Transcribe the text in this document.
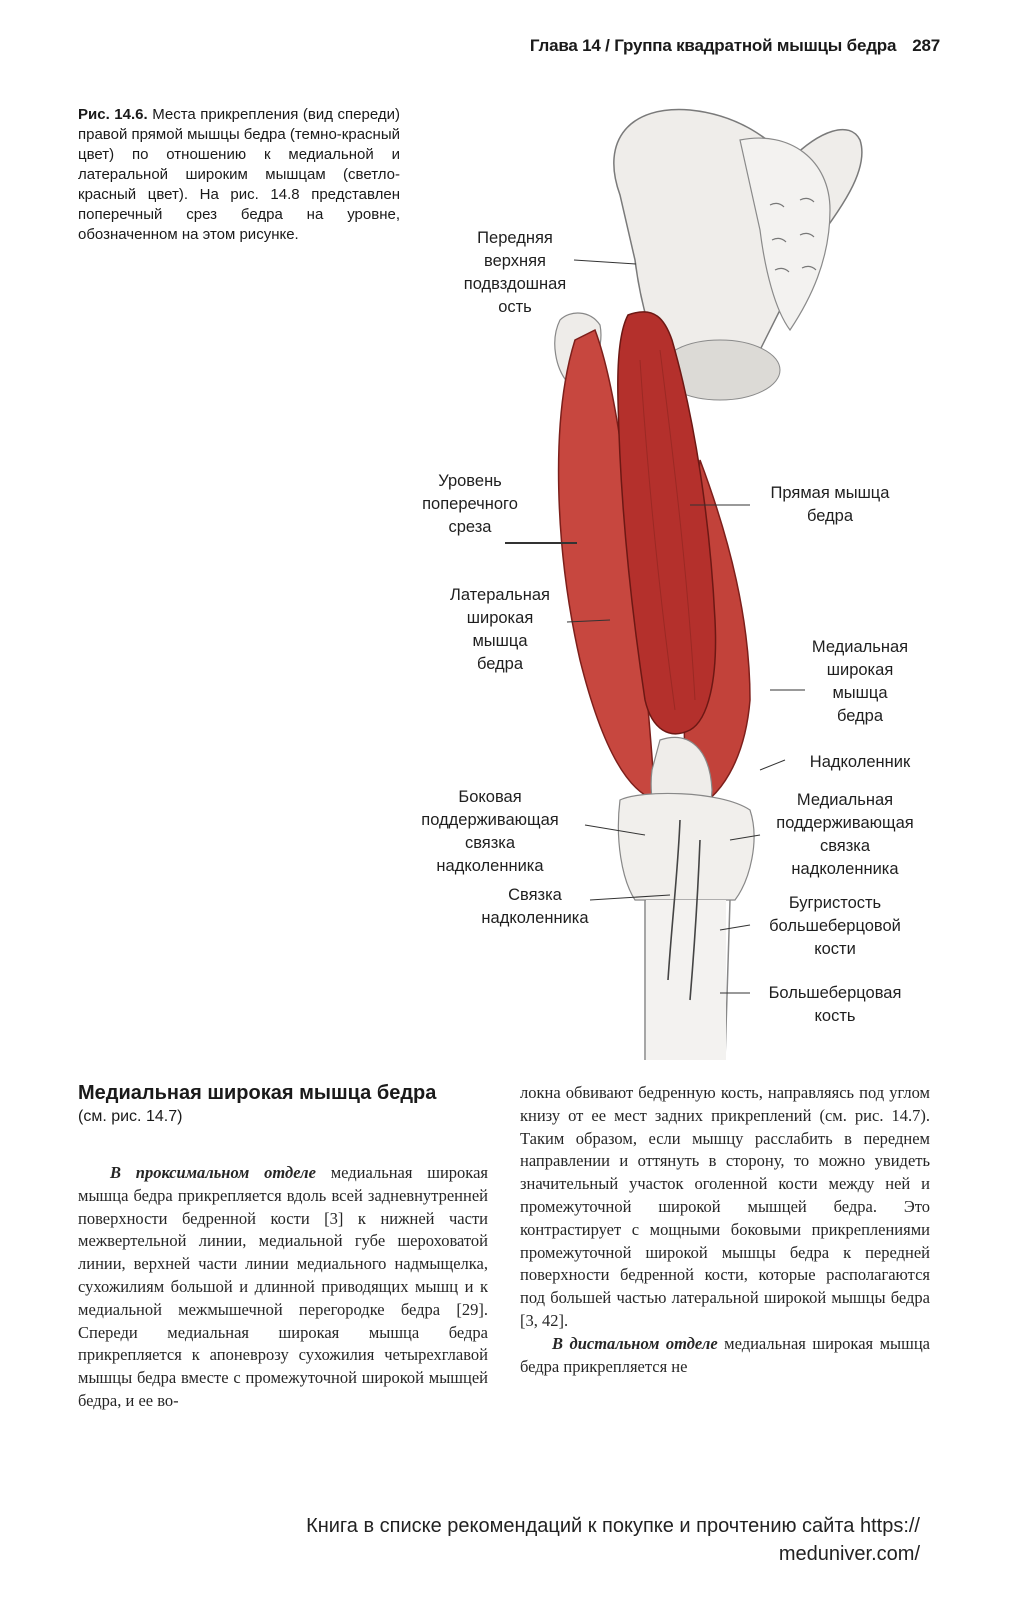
Глава 14 / Группа квадратной мышцы бедра 287
Рис. 14.6. Места прикрепления (вид спереди) правой прямой мышцы бедра (темно-красный цвет) по отношению к медиальной и латеральной широким мышцам (светло-красный цвет). На рис. 14.8 представлен поперечный срез бедра на уровне, обозначенном на этом рисунке.	Передняя
верхняя
подвздошная
ость
Уровень
поперечного
среза
Прямая мышца
бедра
Латеральная
широкая
мышца
бедра
Медиальная
широкая
мышца
бедра
Надколенник
Боковая
поддерживающая
связка
надколенника
Медиальная
поддерживающая
связка
надколенника
Связка
надколенника
Бугристость
большеберцовой
кости
Большеберцовая
кость
Медиальная широкая мышца бедра
(см. рис. 14.7)

В проксимальном отделе медиальная широкая мышца бедра прикрепляется вдоль всей задневнутренней поверхности бедренной кости [3] к нижней части межвертельной линии, медиальной губе шероховатой линии, верхней части линии медиального надмыщелка, сухожилиям большой и длинной приводящих мышц и к медиальной межмышечной перегородке бедра [29]. Спереди медиальная широкая мышца бедра прикрепляется к апоневрозу сухожилия четырехглавой мышцы бедра вместе с промежуточной широкой мышцей бедра, и ее во-

локна обвивают бедренную кость, направляясь под углом книзу от ее мест задних прикреплений (см. рис. 14.7). Таким образом, если мышцу расслабить в переднем направлении и оттянуть в сторону, то можно увидеть значительный участок оголенной кости между ней и промежуточной широкой мышцей бедра. Это контрастирует с мощными боковыми прикреплениями промежуточной широкой мышцы бедра к передней поверхности бедренной кости, которые располагаются под большей частью латеральной широкой мышцы бедра [3, 42].

В дистальном отделе медиальная широкая мышца бедра прикрепляется не

Книга в списке рекомендаций к покупке и прочтению сайта https://
meduniver.com/
